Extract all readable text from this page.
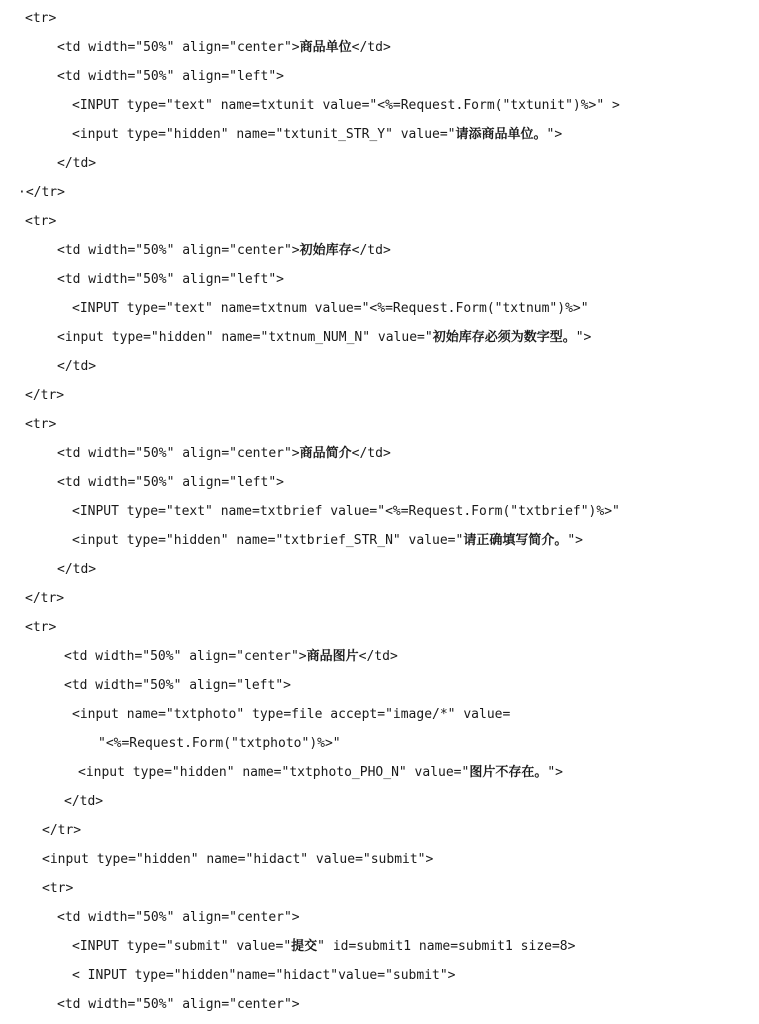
<tr>
<td width="50%" align="center">商品单位</td>
<td width="50%" align="left">
<INPUT type="text" name=txtunit value="<%=Request.Form("txtunit")%>" >
<input type="hidden" name="txtunit_STR_Y" value="请添商品单位。">
</td>
·</tr>
<tr>
<td width="50%" align="center">初始库存</td>
<td width="50%" align="left">
<INPUT type="text" name=txtnum value="<%=Request.Form("txtnum")%>"
<input type="hidden" name="txtnum_NUM_N" value="初始库存必须为数字型。">
</td>
</tr>
<tr>
<td width="50%" align="center">商品简介</td>
<td width="50%" align="left">
<INPUT type="text" name=txtbrief value="<%=Request.Form("txtbrief")%>"
<input type="hidden" name="txtbrief_STR_N" value="请正确填写简介。">
</td>
</tr>
<tr>
<td width="50%" align="center">商品图片</td>
<td width="50%" align="left">
<input name="txtphoto" type=file accept="image/*" value=
"<%=Request.Form("txtphoto")%>"
<input type="hidden" name="txtphoto_PHO_N" value="图片不存在。">
</td>
</tr>
<input type="hidden" name="hidact" value="submit">
<tr>
<td width="50%" align="center">
<INPUT type="submit" value="提交" id=submit1 name=submit1 size=8>
< INPUT type="hidden"name="hidact"value="submit">
<td width="50%" align="center">
